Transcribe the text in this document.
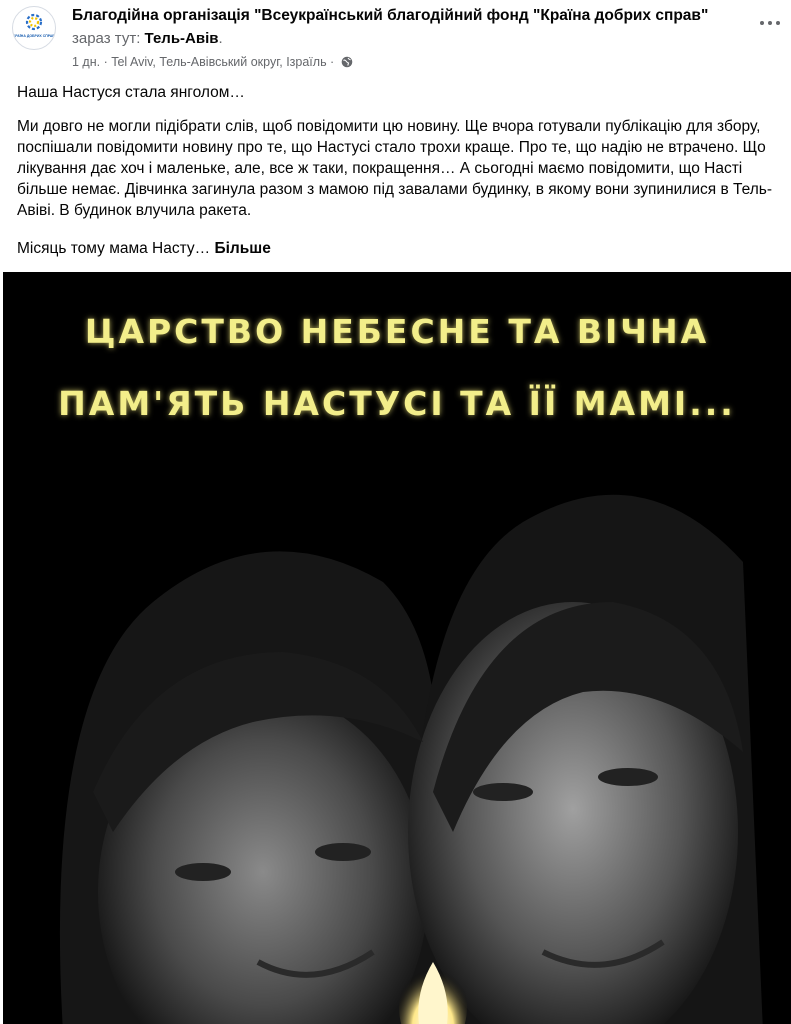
КРАЇНА ДОБРИХ СПРАВ
Благодійна організація "Всеукраїнський благодійний фонд "Країна добрих справ"
зараз тут: Тель-Авів.
1 дн. · Tel Aviv, Тель-Авівський округ, Ізраїль ·
Наша Настуся стала янголом…
Ми довго не могли підібрати слів, щоб повідомити цю новину. Ще вчора готували публікацію для збору, поспішали повідомити новину про те, що Настусі стало трохи краще. Про те, що надію не втрачено. Що лікування дає хоч і маленьке, але, все ж таки, покращення… А сьогодні маємо повідомити, що Насті більше немає. Дівчинка загинула разом з мамою під завалами будинку, в якому вони зупинилися в Тель-Авіві. В будинок влучила ракета.
Місяць тому мама Насту… Більше
ЦАРСТВО НЕБЕСНЕ ТА ВІЧНА
ПАМ'ЯТЬ НАСТУСІ ТА ЇЇ МАМІ...
